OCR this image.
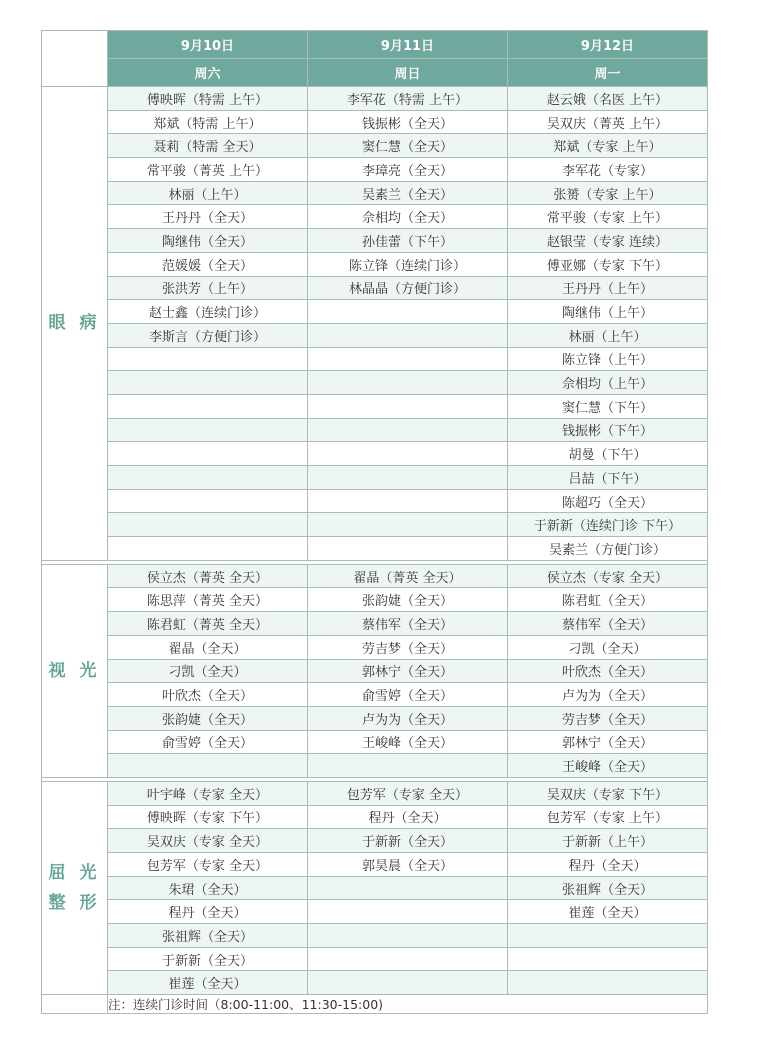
	9月10日	9月11日	9月12日
	周六	周日	周一

眼 病	傅映晖（特需 上午）	李军花（特需 上午）	赵云娥（名医 上午）
	郑斌（特需 上午）	钱振彬（全天）	吴双庆（菁英 上午）
	聂莉（特需 全天）	窦仁慧（全天）	郑斌（专家 上午）
	常平骏（菁英 上午）	李璋亮（全天）	李军花（专家）
	林丽（上午）	吴素兰（全天）	张赟（专家 上午）
	王丹丹（全天）	佘相均（全天）	常平骏（专家 上午）
	陶继伟（全天）	孙佳蕾（下午）	赵银莹（专家 连续）
	范媛媛（全天）	陈立锋（连续门诊）	傅亚娜（专家 下午）
	张洪芳（上午）	林晶晶（方便门诊）	王丹丹（上午）
	赵士鑫（连续门诊）		陶继伟（上午）
	李斯言（方便门诊）		林丽（上午）
			陈立锋（上午）
			佘相均（上午）
			窦仁慧（下午）
			钱振彬（下午）
			胡曼（下午）
			吕喆（下午）
			陈超巧（全天）
			于新新（连续门诊 下午）
			吴素兰（方便门诊）

视 光	侯立杰（菁英 全天）	翟晶（菁英 全天）	侯立杰（专家 全天）
	陈思萍（菁英 全天）	张韵婕（全天）	陈君虹（全天）
	陈君虹（菁英 全天）	蔡伟军（全天）	蔡伟军（全天）
	翟晶（全天）	劳吉梦（全天）	刁凯（全天）
	刁凯（全天）	郭林宁（全天）	叶欣杰（全天）
	叶欣杰（全天）	俞雪婷（全天）	卢为为（全天）
	张韵婕（全天）	卢为为（全天）	劳吉梦（全天）
	俞雪婷（全天）	王峻峰（全天）	郭林宁（全天）
			王峻峰（全天）

屈 光
整 形	叶宇峰（专家 全天）	包芳军（专家 全天）	吴双庆（专家 下午）
	傅映晖（专家 下午）	程丹（全天）	包芳军（专家 上午）
	吴双庆（专家 全天）	于新新（全天）	于新新（上午）
	包芳军（专家 全天）	郭昊晨（全天）	程丹（全天）
	朱珺（全天）		张祖辉（全天）
	程丹（全天）		崔莲（全天）
	张祖辉（全天）		
	于新新（全天）		
	崔莲（全天）		
	注：连续门诊时间（8:00-11:00、11:30-15:00)		
